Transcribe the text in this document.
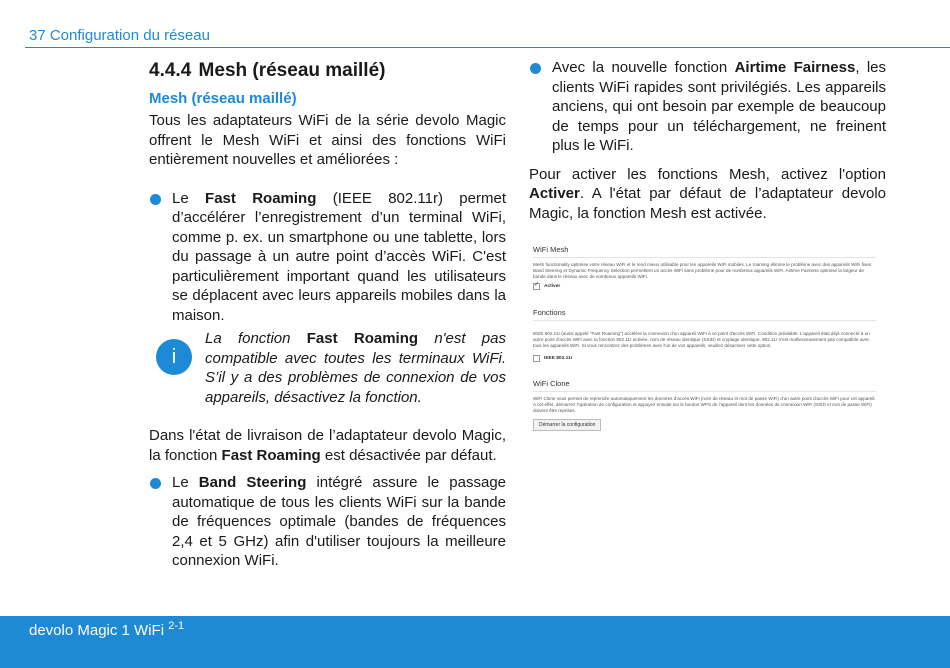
37 Configuration du réseau
4.4.4 Mesh (réseau maillé)
Mesh (réseau maillé)

Tous les adaptateurs WiFi de la série devolo Magic offrent le Mesh WiFi et ainsi des fonctions WiFi entièrement nouvelles et améliorées :

Le Fast Roaming (IEEE 802.11r) permet d’accélérer l’enregistrement d’un terminal WiFi, comme p. ex. un smartphone ou une tablette, lors du passage à un autre point d’accès WiFi. C'est particulièrement important quand les utilisateurs se déplacent avec leurs appareils mobiles dans la maison.
i
La fonction Fast Roaming n'est pas compatible avec toutes les terminaux WiFi. S’il y a des problèmes de connexion de vos appareils, désactivez la fonction.

Dans l'état de livraison de l’adaptateur devolo Magic, la fonction Fast Roaming est désactivée par défaut.

Le Band Steering intégré assure le passage automatique de tous les clients WiFi sur la bande de fréquences optimale (bandes de fréquences 2,4 et 5 GHz) afin d'utiliser toujours la meilleure connexion WiFi.
Avec la nouvelle fonction Airtime Fairness, les clients WiFi rapides sont privilégiés. Les appareils anciens, qui ont besoin par exemple de beaucoup de temps pour un téléchargement, ne freinent plus le WiFi.

Pour activer les fonctions Mesh, activez l'option Activer. A l'état par défaut de l’adaptateur devolo Magic, la fonction Mesh est activée.

WiFi Mesh
Mesh functionality optimise votre réseau WiFi et le rend mieux utilisable pour les appareils WiFi mobiles. Le roaming élimine le problème avec des appareils WiFi fixes. Band Steering et Dynamic Frequency Selection permettent un accès WiFi sans problème pour de nombreux appareils WiFi. Airtime Fairness optimise la largeur de bande dans le réseau avec de nombreux appareils WiFi.
✓
Activer
Fonctions
IEEE 802.11r (aussi appelé "Fast Roaming") accélère la connexion d'un appareil WiFi à ce point d'accès WiFi. Condition préalable: L'appareil était déjà connecté à un autre point d'accès WiFi avec la fonction 802.11r activée, nom de réseau identique (SSID) et cryptage identique. 802.11r n'est malheureusement pas compatible avec tous les appareils WiFi. Si vous rencontrez des problèmes avec l'un de vos appareils, veuillez désactiver cette option.
IEEE 802.11r
WiFi Clone
WiFi Clone vous permet de reprendre automatiquement les données d'accès WiFi (nom de réseau et mot de passe WiFi) d'un autre point d'accès WiFi pour cet appareil. A cet effet, démarrez l'opération de configuration et appuyez ensuite sur le bouton WPS de l'appareil dont les données de connexion WiFi (SSID et mot de passe WiFi) doivent être reprises.
Démarrer la configuration
devolo Magic 1 WiFi $^{2-1}$
